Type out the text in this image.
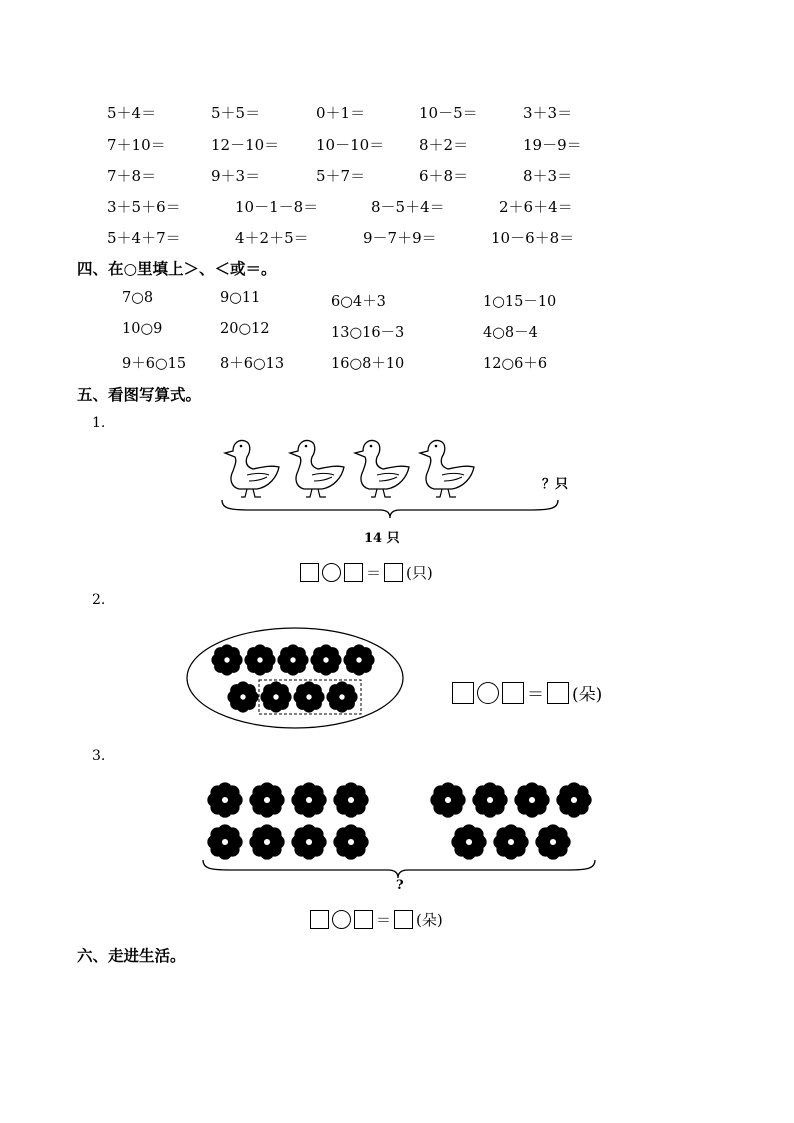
5＋4＝	5＋5＝	0＋1＝	10－5＝	3＋3＝
7＋10＝	12－10＝ 10－10＝ 8＋2＝	19－9＝
7＋8＝	9＋3＝	5＋7＝	6＋8＝	8＋3＝
3＋5＋6＝	10－1－8＝	8－5＋4＝	2＋6＋4＝
5＋4＋7＝	4＋2＋5＝	9－7＋9＝	10－6＋8＝
四、在○里填上＞、＜或＝。
7○8	9○11	6○4＋3	1○15－10
10○9	20○12	13○16－3	4○8－4
9＋6○15 8＋6○13	16○8＋10	12○6＋6
五、看图写算式。
1.
？只
14 只
＝ (只)
2.
＝ (朵)
3.
?
＝ (朵)
六、走进生活。
